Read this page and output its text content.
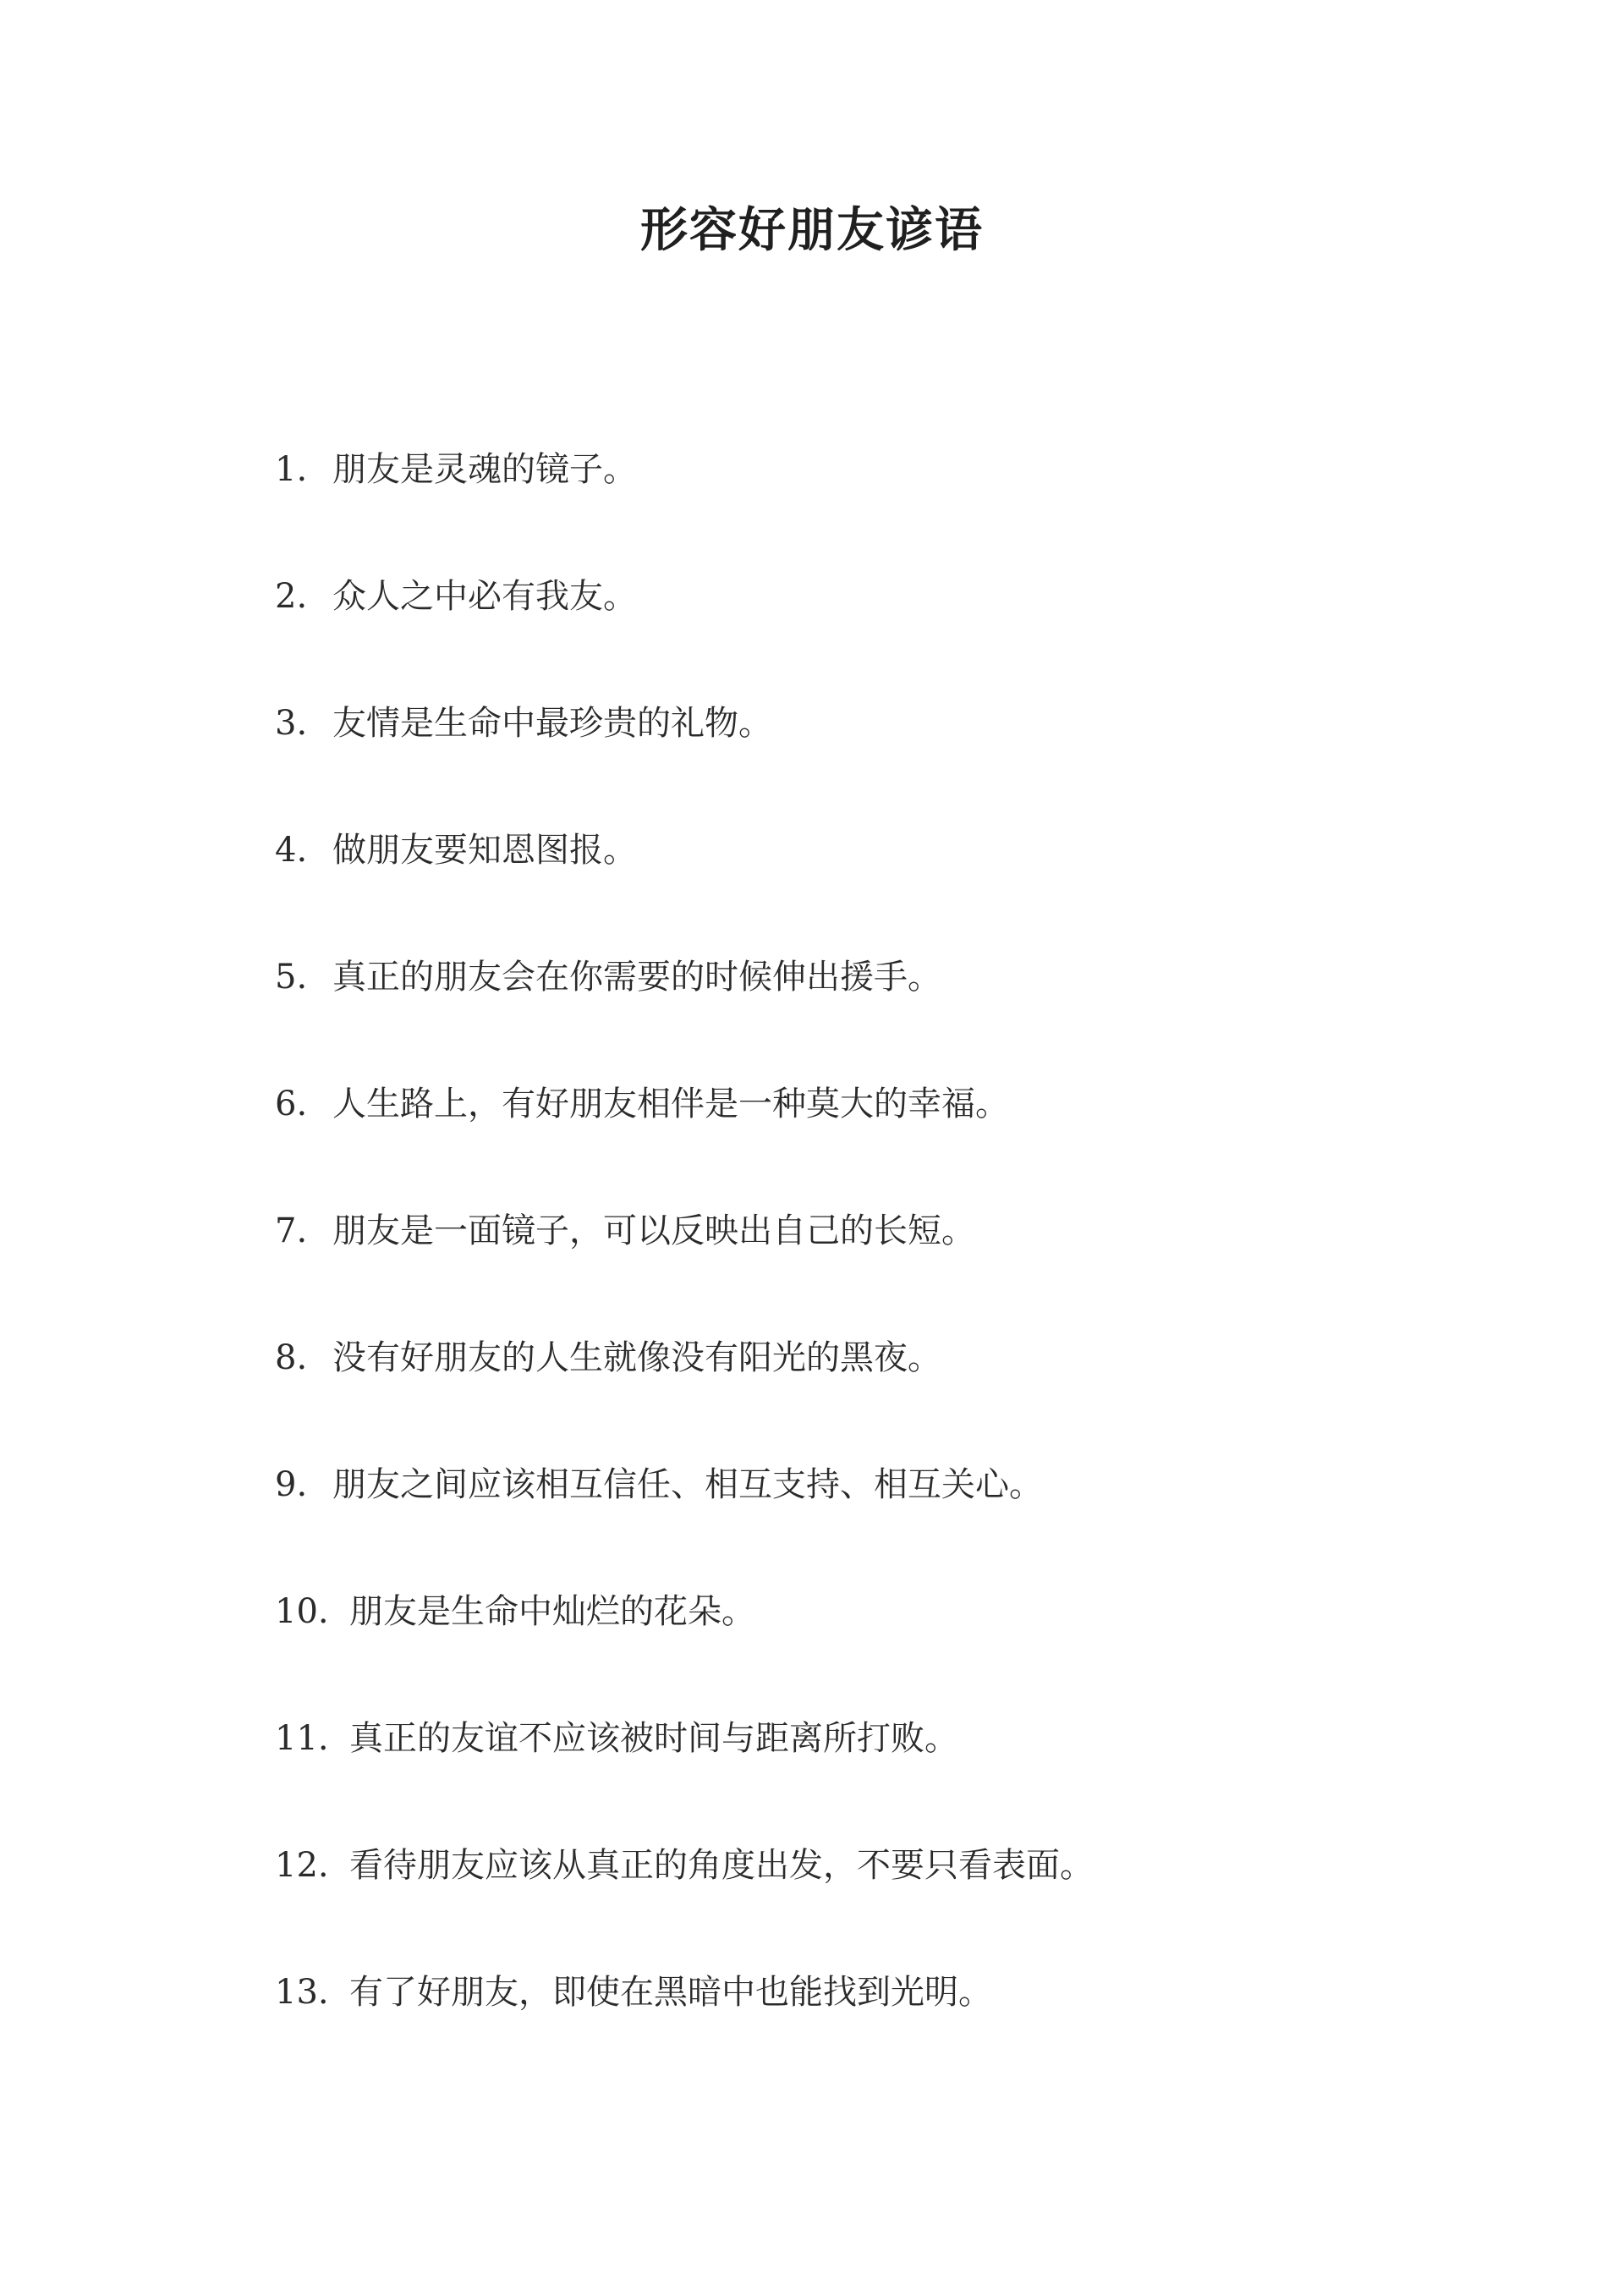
形容好朋友谚语
1. 朋友是灵魂的镜子。
2. 众人之中必有我友。
3. 友情是生命中最珍贵的礼物。
4. 做朋友要知恩图报。
5. 真正的朋友会在你需要的时候伸出援手。
6. 人生路上，有好朋友相伴是一种莫大的幸福。
7. 朋友是一面镜子，可以反映出自己的长短。
8. 没有好朋友的人生就像没有阳光的黑夜。
9. 朋友之间应该相互信任、相互支持、相互关心。
10. 朋友是生命中灿烂的花朵。
11. 真正的友谊不应该被时间与距离所打败。
12. 看待朋友应该从真正的角度出发，不要只看表面。
13. 有了好朋友，即使在黑暗中也能找到光明。
